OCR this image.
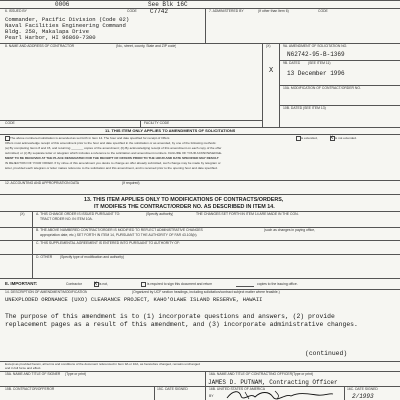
0006	See Blk 16C
6. ISSUED BY	CODE C7742	7. ADMINISTERED BY	(If other than Item 6)	CODE
Commander, Pacific Division (Code 02)
Naval Facilities Engineering Command
Bldg. 258, Makalapa Drive
Pearl Harbor, HI 96860-7300
8. NAME AND ADDRESS OF CONTRACTOR	(No., street, county, State and ZIP code)	(X)	9A. AMENDMENT OF SOLICITATION NO.
N62742-95-B-1369
X
9B. DATED (SEE ITEM 11)
13 December 1996
10A. MODIFICATION OF CONTRACT/ORDER NO.
10B. DATED (SEE ITEM 13)
CODE	FACILITY CODE
11. THIS ITEM ONLY APPLIES TO AMENDMENTS OF SOLICITATIONS
The above numbered solicitation is amended as set forth in Item 14. The hour and date specified for receipt of Offers	is extended, X is not extended.
Offers must acknowledge receipt of this amendment prior to the hour and date specified in the solicitation or as amended, by one of the following methods:
(a) By completing Items 8 and 15, and returning _______ copies of the amendment; (b) By acknowledging receipt of this amendment on each copy of the offer
submitted; or (c) By separate letter or telegram which includes a reference to the solicitation and amendment numbers. FAILURE OF YOUR ACKNOWLEDGE-
MENT TO BE RECEIVED AT THE PLACE DESIGNATED FOR THE RECEIPT OF OFFERS PRIOR TO THE HOUR AND DATE SPECIFIED MAY RESULT
IN REJECTION OF YOUR OFFER. If by virtue of this amendment you desire to change an offer already submitted, such change may be made by telegram or
letter, provided each telegram or letter makes reference to the solicitation and this amendment, and is received prior to the opening hour and date specified.
12. ACCOUNTING AND APPROPRIATION DATA	(If required)
13. THIS ITEM APPLIES ONLY TO MODIFICATIONS OF CONTRACTS/ORDERS,
IT MODIFIES THE CONTRACT/ORDER NO. AS DESCRIBED IN ITEM 14.
(X)	A. THIS CHANGE ORDER IS ISSUED PURSUANT TO:	(Specify authority)	THE CHANGES SET FORTH IN ITEM 14 ARE MADE IN THE CON-
TRACT ORDER NO. IN ITEM 10A.
B. THE ABOVE NUMBERED CONTRACT/ORDER IS MODIFIED TO REFLECT ADMINISTRATIVE CHANGES	(such as changes in paying office,
appropriation date, etc.) SET FORTH IN ITEM 14, PURSUANT TO THE AUTHORITY OF FAR 43.103(b).
C. THIS SUPPLEMENTAL AGREEMENT IS ENTERED INTO PURSUANT TO AUTHORITY OF:
D. OTHER (Specify type of modification and authority)
E. IMPORTANT:	Contractor X is not,	is required to sign this document and return	copies to the issuing office.
14. DESCRIPTION OF AMENDMENT/MODIFICATION	(Organized by UCF section headings, including solicitation/contract subject matter where feasible.)
UNEXPLODED ORDNANCE (UXO) CLEARANCE PROJECT, KAHO'OLAWE ISLAND RESERVE, HAWAII
The purpose of this amendment is to (1) incorporate questions and answers, (2) provide
replacement pages as a result of this amendment, and (3) incorporate administrative changes.
(continued)
Except as provided herein, all terms and conditions of the document referenced in Item 9A or 10A, as heretofore changed, remains unchanged
and in full force and effect.
15A. NAME AND TITLE OF SIGNER (Type or print)	16A. NAME AND TITLE OF CONTRACTING OFFICER (Type or print)
JAMES D. PUTNAM, Contracting Officer
15B. CONTRACTOR/OFFEROR	15C. DATE SIGNED	16B. UNITED STATES OF AMERICA	16C. DATE SIGNED
BY	2/1993
